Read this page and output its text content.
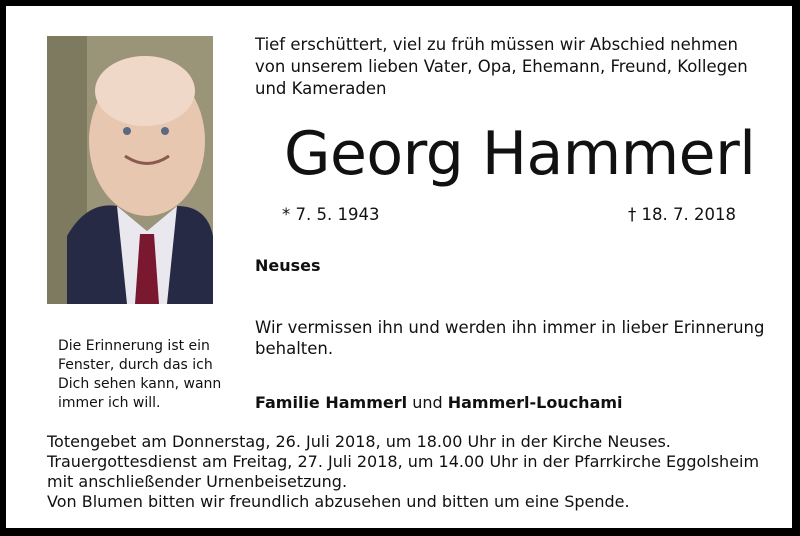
Die Erinnerung ist ein Fenster, durch das ich Dich sehen kann, wann immer ich will.
Tief erschüttert, viel zu früh müssen wir Abschied nehmen von unserem lieben Vater, Opa, Ehemann, Freund, Kollegen und Kameraden
Georg Hammerl
* 7. 5. 1943	† 18. 7. 2018
Neuses
Wir vermissen ihn und werden ihn immer in lieber Erinnerung behalten.
Familie Hammerl und Hammerl-Louchami
Totengebet am Donnerstag, 26. Juli 2018, um 18.00 Uhr in der Kirche Neuses.
Trauergottesdienst am Freitag, 27. Juli 2018, um 14.00 Uhr in der Pfarrkirche Eggolsheim
mit anschließender Urnenbeisetzung.
Von Blumen bitten wir freundlich abzusehen und bitten um eine Spende.
